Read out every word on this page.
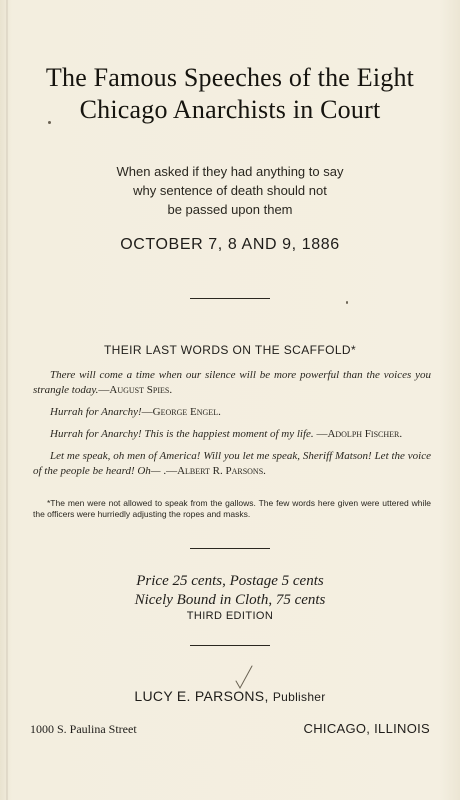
The Famous Speeches of the Eight
Chicago Anarchists in Court
When asked if they had anything to say
why sentence of death should not
be passed upon them
OCTOBER 7, 8 AND 9, 1886
THEIR LAST WORDS ON THE SCAFFOLD*

There will come a time when our silence will be more powerful than the voices you strangle today.—August Spies.

Hurrah for Anarchy!—George Engel.

Hurrah for Anarchy! This is the happiest moment of my life. —Adolph Fischer.

Let me speak, oh men of America! Will you let me speak, Sheriff Matson! Let the voice of the people be heard! Oh— .—Albert R. Parsons.

*The men were not allowed to speak from the gallows. The few words here given were uttered while the officers were hurriedly adjusting the ropes and masks.
Price 25 cents, Postage 5 cents
Nicely Bound in Cloth, 75 cents
THIRD EDITION
LUCY E. PARSONS, Publisher
1000 S. Paulina Street	CHICAGO, ILLINOIS
